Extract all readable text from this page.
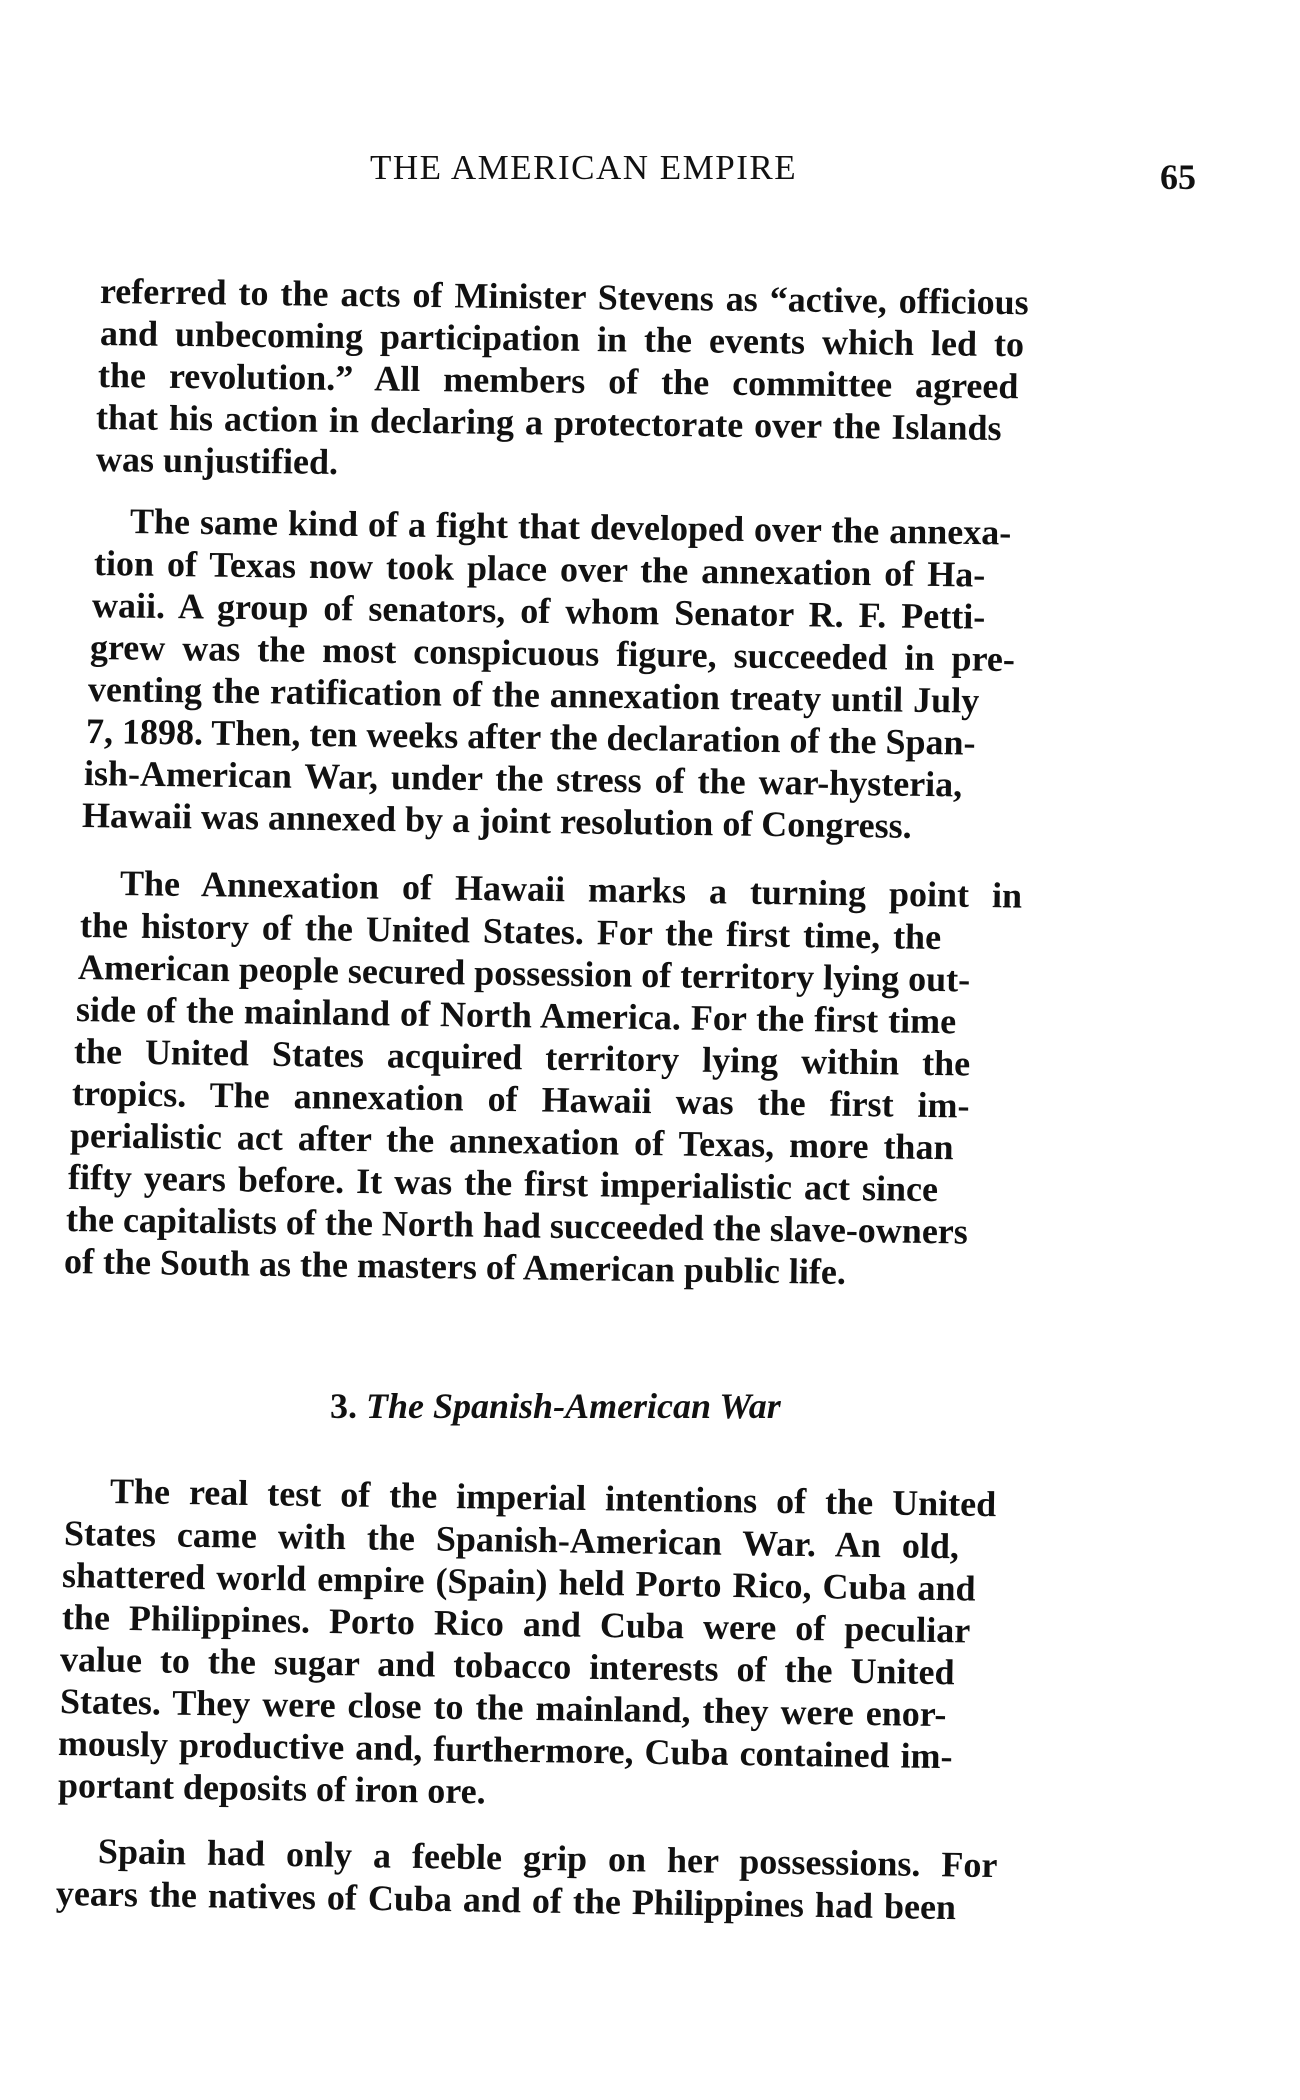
THE AMERICAN EMPIRE	65
referred to the acts of Minister Stevens as “active, officious
and unbecoming participation in the events which led to
the revolution.” All members of the committee agreed
that his action in declaring a protectorate over the Islands
was unjustified.
The same kind of a fight that developed over the annexa-
tion of Texas now took place over the annexation of Ha-
waii. A group of senators, of whom Senator R. F. Petti-
grew was the most conspicuous figure, succeeded in pre-
venting the ratification of the annexation treaty until July
7, 1898. Then, ten weeks after the declaration of the Span-
ish-American War, under the stress of the war-hysteria,
Hawaii was annexed by a joint resolution of Congress.
The Annexation of Hawaii marks a turning point in
the history of the United States. For the first time, the
American people secured possession of territory lying out-
side of the mainland of North America. For the first time
the United States acquired territory lying within the
tropics. The annexation of Hawaii was the first im-
perialistic act after the annexation of Texas, more than
fifty years before. It was the first imperialistic act since
the capitalists of the North had succeeded the slave-owners
of the South as the masters of American public life.
3. The Spanish-American War
The real test of the imperial intentions of the United
States came with the Spanish-American War. An old,
shattered world empire (Spain) held Porto Rico, Cuba and
the Philippines. Porto Rico and Cuba were of peculiar
value to the sugar and tobacco interests of the United
States. They were close to the mainland, they were enor-
mously productive and, furthermore, Cuba contained im-
portant deposits of iron ore.
Spain had only a feeble grip on her possessions. For
years the natives of Cuba and of the Philippines had been
